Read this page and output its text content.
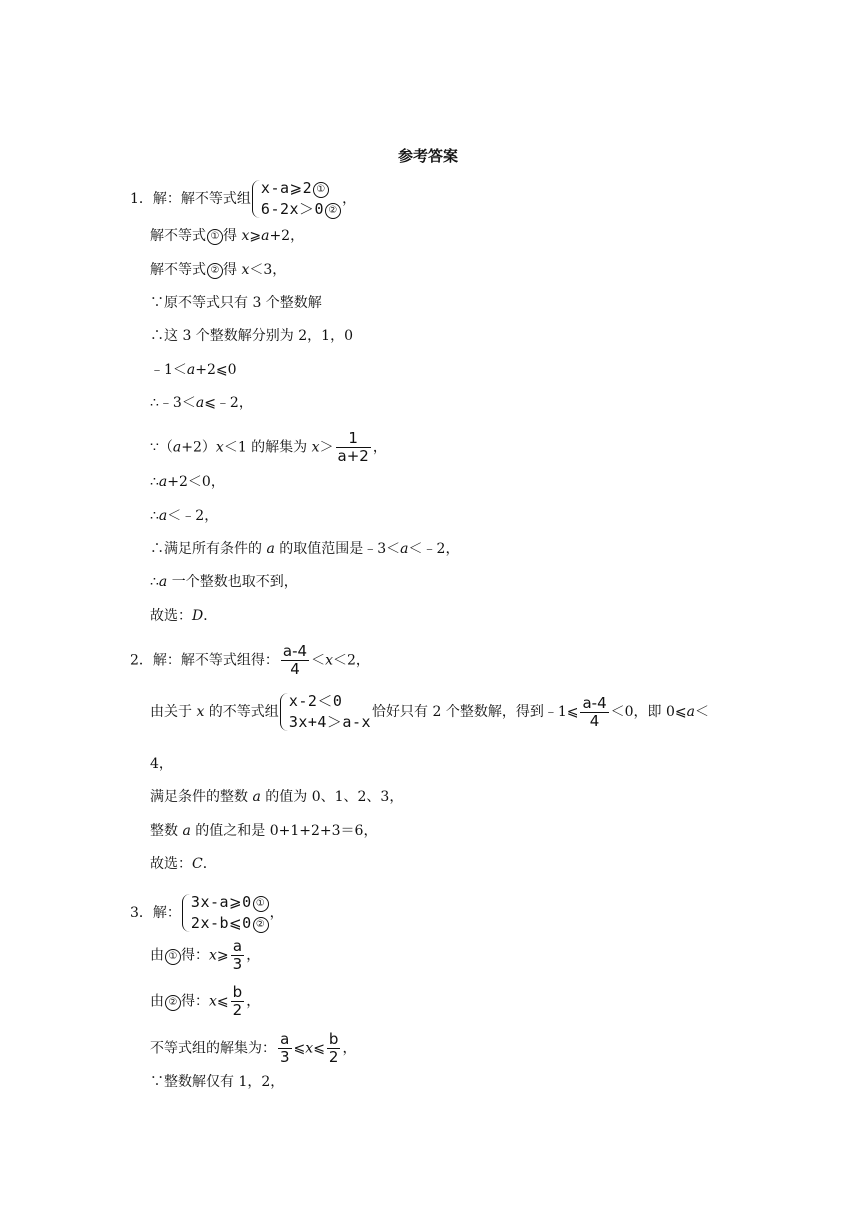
参考答案
1．解：解不等式组
x-a⩾2 ①
6-2x＞0 ②
，
解不等式 ① 得 x⩾a+2，
解不等式 ② 得 x＜3，
∵原不等式只有 3 个整数解
∴这 3 个整数解分别为 2，1，0
﹣1＜a+2⩽0
∴﹣3＜a⩽﹣2，
∵（a+2）x＜1 的解集为 $x> \frac{1}{a+2}$ ，
∴a+2＜0，
∴a＜﹣2，
∴满足所有条件的 a 的取值范围是﹣3＜a＜﹣2，
∴a 一个整数也取不到，
故选：D．
2．解：解不等式组得： $\frac{a-4}{4} <x<2$，
由关于 x 的不等式组
x-2＜0
3x+4＞a-x
恰好只有 2 个整数解，得到﹣1⩽ $\frac{a-4}{4} <0$，即 0⩽a＜
4，
满足条件的整数 a 的值为 0、1、2、3，
整数 a 的值之和是 0+1+2+3＝6，
故选：C．
3．解：
3x-a⩾0 ①
2x-b⩽0 ②
，
由 ① 得：x⩾ $\frac{a}{3}$ ，
由 ② 得：x⩽ $\frac{b}{2}$ ，
不等式组的解集为： $\frac{a}{3}$ ⩽x⩽ $\frac{b}{2}$ ，
∵整数解仅有 1，2，
